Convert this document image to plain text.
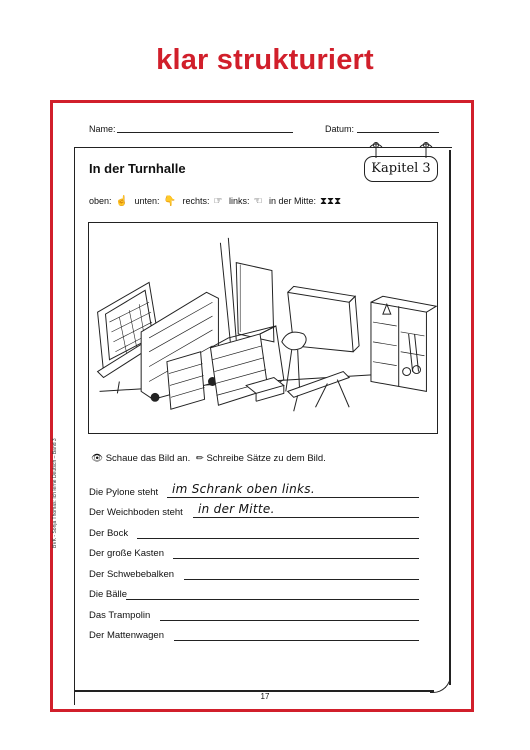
klar strukturiert
Name:	Datum:
In der Turnhalle	Kapitel 3
oben: ☝ unten: 👇 rechts: ☞ links: ☜ in der Mitte: ⧗⧗⧗
👁 Schaue das Bild an. ✏ Schreibe Sätze zu dem Bild.
Die Pylone steht im Schrank oben links.
Der Weichboden steht in der Mitte.
Der Bock
Der große Kasten
Der Schwebebalken
Die Bälle
Das Trampolin
Der Mattenwagen
BVK - Sonja Thomas: Ich lerne Deutsch – Band 3
17
